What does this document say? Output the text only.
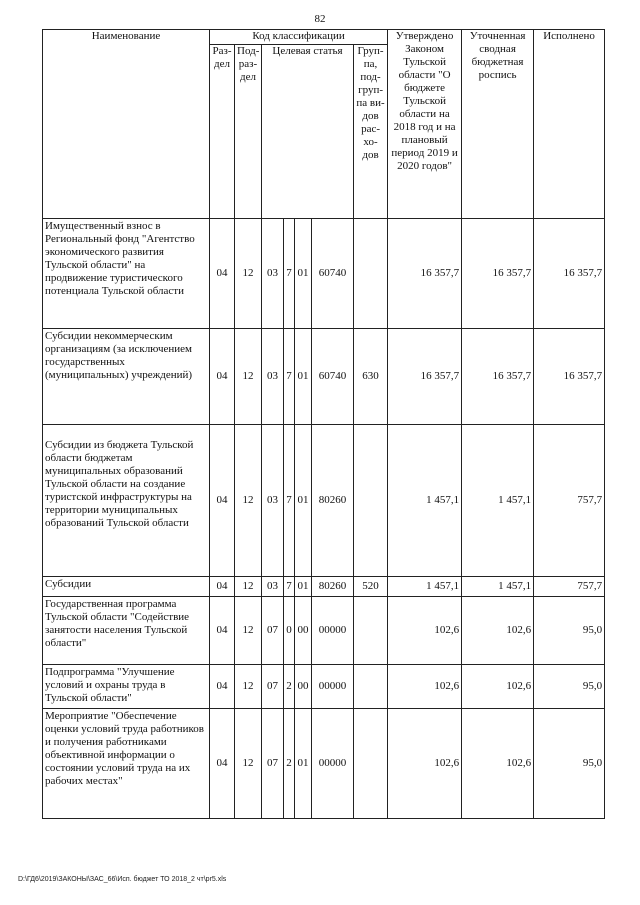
82
Наименование	Код классификации							Утверждено Законом Тульской области "О бюджете Тульской области на 2018 год и на плановый период 2019 и 2020 годов"	Уточненная сводная бюджетная роспись	Исполнено
	Раз-дел	Под-раз-дел	Целевая статья				Груп-па, под-груп-па ви-дов рас-хо-дов			
Имущественный взнос в Региональный фонд "Агентство экономического развития Тульской области" на продвижение туристического потенциала Тульской области	04	12	03	7	01	60740		16 357,7	16 357,7	16 357,7
Субсидии некоммерческим организациям (за исключением государственных (муниципальных) учреждений)	04	12	03	7	01	60740	630	16 357,7	16 357,7	16 357,7
Субсидии из бюджета Тульской области бюджетам муниципальных образований Тульской области на создание туристской инфраструктуры на территории муниципальных образований Тульской области	04	12	03	7	01	80260		1 457,1	1 457,1	757,7
Субсидии	04	12	03	7	01	80260	520	1 457,1	1 457,1	757,7
Государственная программа Тульской области "Содействие занятости населения Тульской области"	04	12	07	0	00	00000		102,6	102,6	95,0
Подпрограмма "Улучшение условий и охраны труда в Тульской области"	04	12	07	2	00	00000		102,6	102,6	95,0
Мероприятие "Обеспечение оценки условий труда работников и получения работниками объективной информации о состоянии условий труда на их рабочих местах"	04	12	07	2	01	00000		102,6	102,6	95,0
D:\ГД6\2019\ЗАКОНЫ\ЗАС_66\Исп. бюджет ТО 2018_2 чт\pr5.xls
